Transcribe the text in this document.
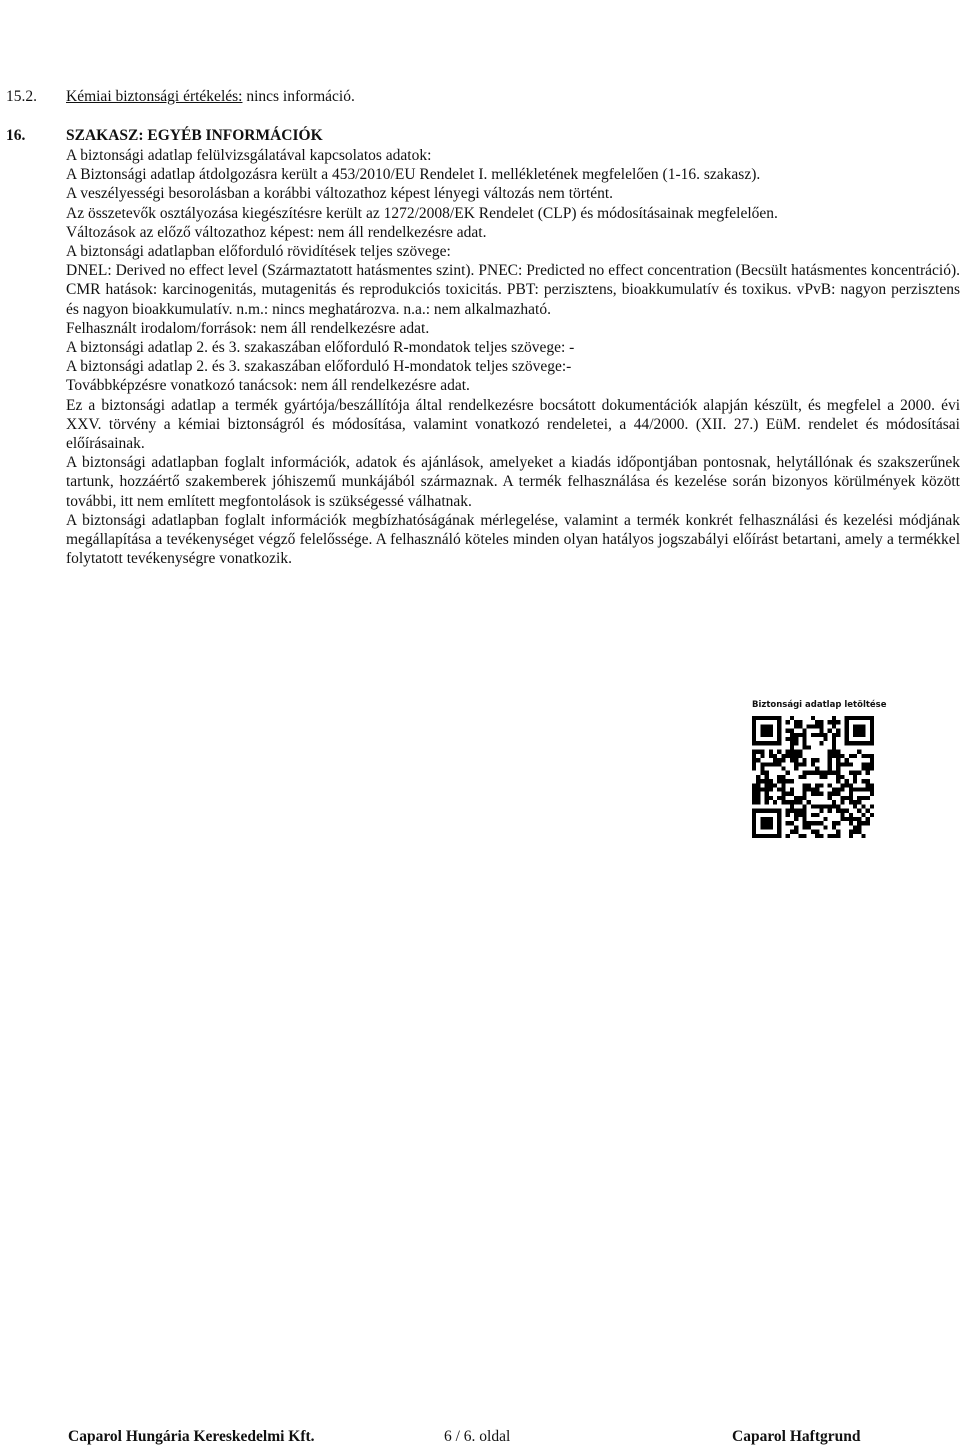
Elkészítés időpontja: 2008. augusztus 24.
Felülvizsgálat időpontja: 2013. december 13.
Verziószám: 2
http://www.biztonsagiadatlap.hu
15.2. Kémiai biztonsági értékelés: nincs információ.
16.	SZAKASZ: EGYÉB INFORMÁCIÓK

A biztonsági adatlap felülvizsgálatával kapcsolatos adatok:

A Biztonsági adatlap átdolgozásra került a 453/2010/EU Rendelet I. mellékletének megfelelően (1-16. szakasz).

A veszélyességi besorolásban a korábbi változathoz képest lényegi változás nem történt.

Az összetevők osztályozása kiegészítésre került az 1272/2008/EK Rendelet (CLP) és módosításainak megfelelően.

Változások az előző változathoz képest: nem áll rendelkezésre adat.

A biztonsági adatlapban előforduló rövidítések teljes szövege:

DNEL: Derived no effect level (Származtatott hatásmentes szint). PNEC: Predicted no effect concentration (Becsült hatásmentes koncentráció). CMR hatások: karcinogenitás, mutagenitás és reprodukciós toxicitás. PBT: perzisztens, bioakkumulatív és toxikus. vPvB: nagyon perzisztens és nagyon bioakkumulatív. n.m.: nincs meghatározva. n.a.: nem alkalmazható.

Felhasznált irodalom/források: nem áll rendelkezésre adat.

A biztonsági adatlap 2. és 3. szakaszában előforduló R-mondatok teljes szövege: -

A biztonsági adatlap 2. és 3. szakaszában előforduló H-mondatok teljes szövege:-

Továbbképzésre vonatkozó tanácsok: nem áll rendelkezésre adat.

Ez a biztonsági adatlap a termék gyártója/beszállítója által rendelkezésre bocsátott dokumentációk alapján készült, és megfelel a 2000. évi XXV. törvény a kémiai biztonságról és módosítása, valamint vonatkozó rendeletei, a 44/2000. (XII. 27.) EüM. rendelet és módosításai előírásainak.

A biztonsági adatlapban foglalt információk, adatok és ajánlások, amelyeket a kiadás időpontjában pontosnak, helytállónak és szakszerűnek tartunk, hozzáértő szakemberek jóhiszemű munkájából származnak. A termék felhasználása és kezelése során bizonyos körülmények között további, itt nem említett megfontolások is szükségessé válhatnak.

A biztonsági adatlapban foglalt információk megbízhatóságának mérlegelése, valamint a termék konkrét felhasználási és kezelési módjának megállapítása a tevékenységet végző felelőssége. A felhasználó köteles minden olyan hatályos jogszabályi előírást betartani, amely a termékkel folytatott tevékenységre vonatkozik.

Biztonsági adatlap letöltése
Caparol Hungária Kereskedelmi Kft.	6 / 6. oldal	Caparol Haftgrund
